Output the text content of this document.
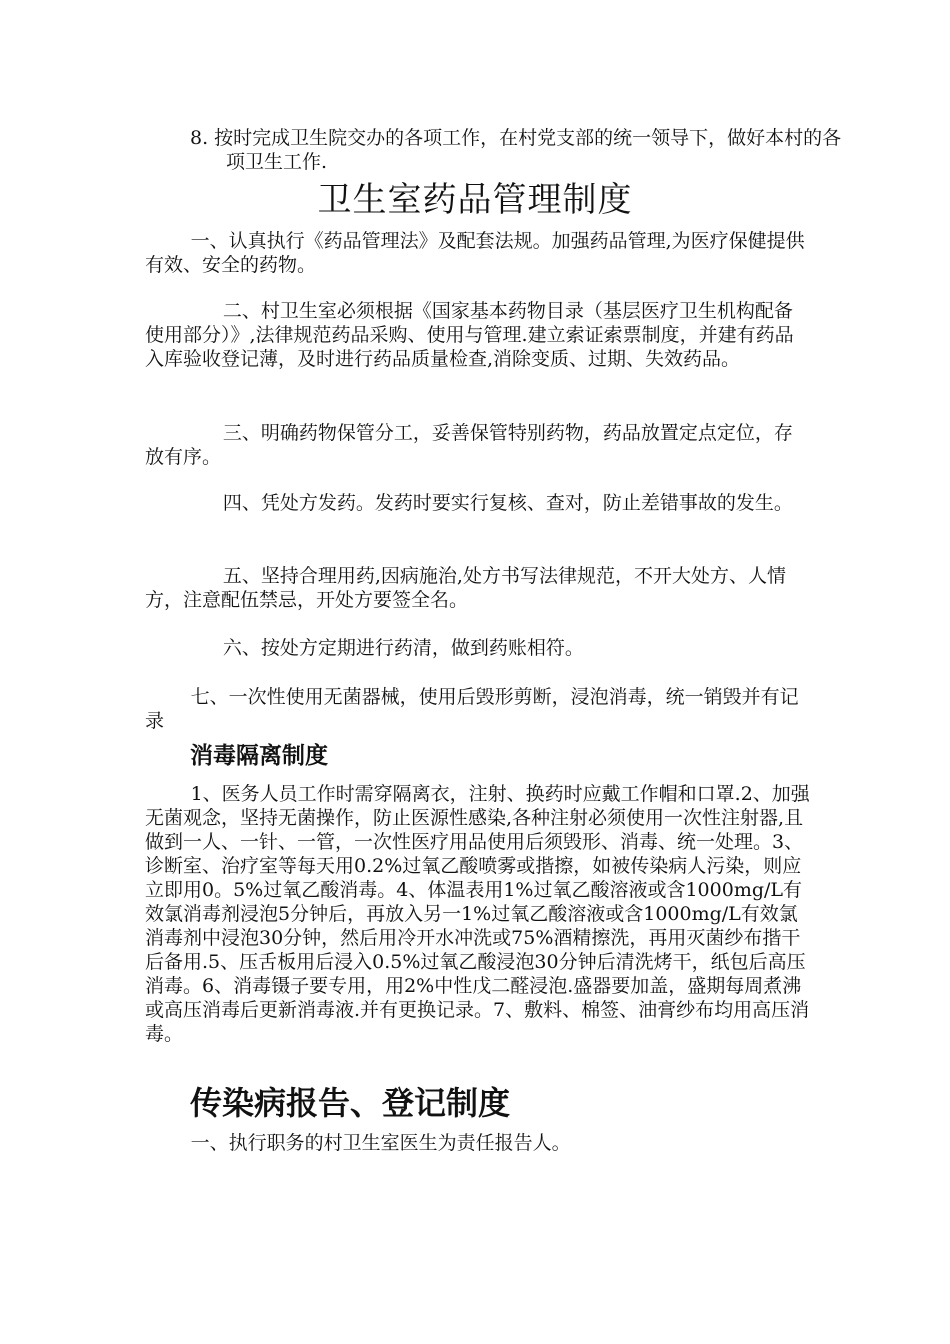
8. 按时完成卫生院交办的各项工作，在村党支部的统一领导下，做好本村的各项卫生工作.

卫生室药品管理制度

一、认真执行《药品管理法》及配套法规。加强药品管理,为医疗保健提供有效、安全的药物。

二、村卫生室必须根据《国家基本药物目录（基层医疗卫生机构配备使用部分）》,法律规范药品采购、使用与管理.建立索证索票制度，并建有药品入库验收登记薄，及时进行药品质量检查,消除变质、过期、失效药品。

三、明确药物保管分工，妥善保管特别药物，药品放置定点定位，存放有序。

四、凭处方发药。发药时要实行复核、查对，防止差错事故的发生。

五、坚持合理用药,因病施治,处方书写法律规范，不开大处方、人情方，注意配伍禁忌，开处方要签全名。

六、按处方定期进行药清，做到药账相符。

七、一次性使用无菌器械，使用后毁形剪断，浸泡消毒，统一销毁并有记录

消毒隔离制度

1、医务人员工作时需穿隔离衣，注射、换药时应戴工作帽和口罩.2、加强无菌观念，坚持无菌操作，防止医源性感染,各种注射必须使用一次性注射器,且做到一人、一针、一管，一次性医疗用品使用后须毁形、消毒、统一处理。3、诊断室、治疗室等每天用0.2%过氧乙酸喷雾或揩擦，如被传染病人污染，则应立即用0。5%过氧乙酸消毒。4、体温表用1%过氧乙酸溶液或含1000mg/L有效氯消毒剂浸泡5分钟后，再放入另一1%过氧乙酸溶液或含1000mg/L有效氯消毒剂中浸泡30分钟，然后用冷开水冲洗或75%酒精擦洗，再用灭菌纱布揩干后备用.5、压舌板用后浸入0.5%过氧乙酸浸泡30分钟后清洗烤干，纸包后高压消毒。6、消毒镊子要专用，用2%中性戊二醛浸泡.盛器要加盖，盛期每周煮沸或高压消毒后更新消毒液.并有更换记录。7、敷料、棉签、油膏纱布均用高压消毒。

传染病报告、登记制度

一、执行职务的村卫生室医生为责任报告人。
